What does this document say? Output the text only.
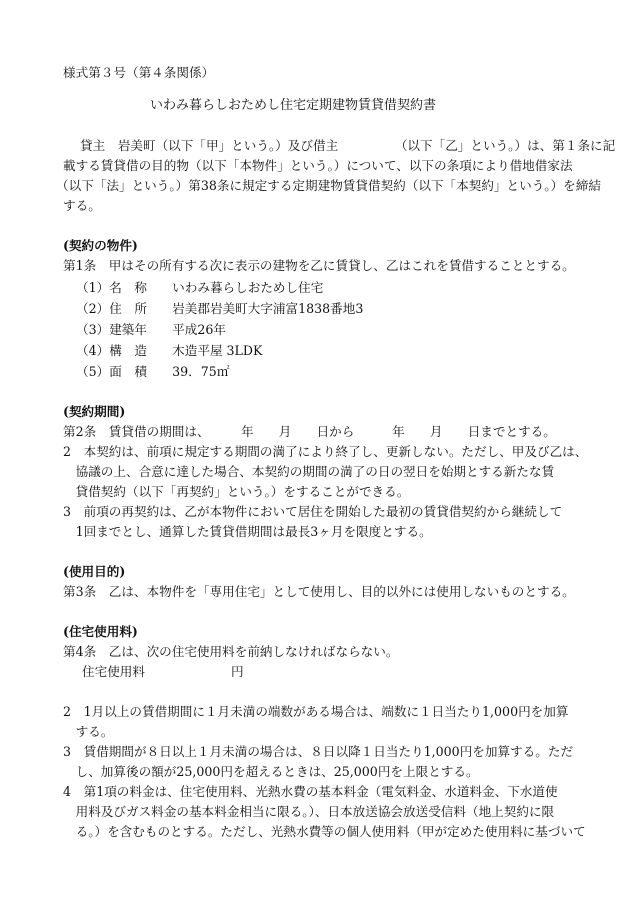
様式第３号（第４条関係）
いわみ暮らしおためし住宅定期建物賃貸借契約書
貸主　岩美町（以下「甲」という。）及び借主　　　　　（以下「乙」という。）は、第１条に記
載する賃貸借の目的物（以下「本物件」という。）について、以下の条項により借地借家法
（以下「法」という。）第38条に規定する定期建物賃貸借契約（以下「本契約」という。）を締結
する。
(契約の物件)
第1条　甲はその所有する次に表示の建物を乙に賃貸し、乙はこれを賃借することとする。
（1）名　称　　いわみ暮らしおためし住宅
（2）住　所　　岩美郡岩美町大字浦富1838番地3
（3）建築年　　平成26年
（4）構　造　　木造平屋 3LDK
（5）面　積　　39．75㎡
(契約期間)
第2条　賃貸借の期間は、　　　年　　月　　日から　　　年　　月　　日までとする。
2　本契約は、前項に規定する期間の満了により終了し、更新しない。ただし、甲及び乙は、
　協議の上、合意に達した場合、本契約の期間の満了の日の翌日を始期とする新たな賃
　貸借契約（以下「再契約」という。）をすることができる。
3　前項の再契約は、乙が本物件において居住を開始した最初の賃貸借契約から継続して
　1回までとし、通算した賃貸借期間は最長3ヶ月を限度とする。
(使用目的)
第3条　乙は、本物件を「専用住宅」として使用し、目的以外には使用しないものとする。
(住宅使用料)
第4条　乙は、次の住宅使用料を前納しなければならない。
住宅使用料	円
2　1月以上の賃借期間に１月未満の端数がある場合は、端数に１日当たり1,000円を加算
　する。
3　賃借期間が８日以上１月未満の場合は、８日以降１日当たり1,000円を加算する。ただ
　し、加算後の額が25,000円を超えるときは、25,000円を上限とする。
4　第1項の料金は、住宅使用料、光熱水費の基本料金（電気料金、水道料金、下水道使
　用料及びガス料金の基本料金相当に限る。）、日本放送協会放送受信料（地上契約に限
　る。）を含むものとする。ただし、光熱水費等の個人使用料（甲が定めた使用料に基づいて
